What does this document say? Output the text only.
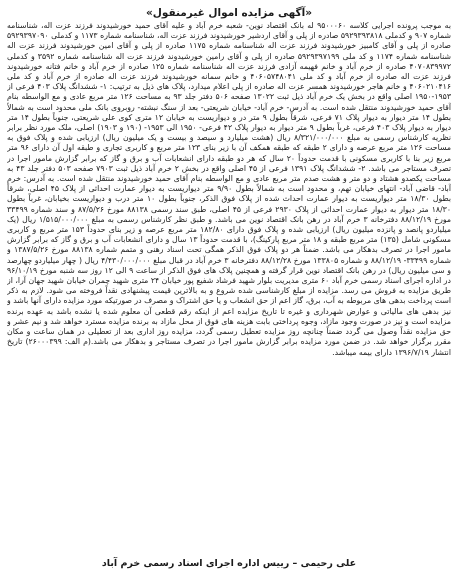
«آگهی مزایده اموال غیرمنقول»
به موجب پرونده اجرایی کلاسه ۹۵۰۰۰۶۰ له بانک اقتصاد نوین- شعبه خرم آباد و علیه آقای حمید خورشیدوند فرزند عزت اله، شناسنامه شماره ۹۰۷ و کدملی ۵۹۲۹۳۹۳۸۱۸ صادره از پلی و آقای اردشیر خورشیدوند فرزند عزت اله، شناسنامه شماره ۱۱۷۳ و کدملی ۵۹۲۹۳۹۷۰۹۰ صادره از پلی و آقای کامبیز خورشیدوند فرزند عزت اله شناسنامه شماره ۱۱۷۵ صادره از پلی و آقای امین خورشیدوند فرزند عزت اله شناسنامه شماره ۱۱۷۴ و کد ملی ۵۹۲۹۳۹۷۱۹۹ صادره از پلی و آقای رامین خورشیدوند فرزند عزت اله شناسنامه شماره ۳۵۹۲ و کدملی ۴۰۷۰۸۳۹۹۷۲ صادره از خرم آباد و خانم فهیمه آزادی فرزند عزت اله شناسنامه شماره ۱۲۵ صادره از خرم آباد و خانم فتانه خورشیدوند فرزند عزت اله صادره از خرم آباد و کد ملی ۴۰۶۰۵۷۴۸۰۴۱ و خانم سمانه خورشیدوند فرزند عزت اله صادره از خرم آباد و کد ملی ۴۰۶۰۲۱۰۴۱۶ و خانم هاجر خورشیدوند همسر عزت اله صادره از پلی اعلام میدارد، پلاک های ذیل به ترتیب: ۱- ششدانگ پلاک ۴۰۳ فرعی از ۱۹۵۳-۱۹۵۰ اصلی واقع در بخش یک خرم آباد ذیل ثبت ۱۳۰۲۲ صفحه ۵۰۶ دفتر جلد ۹۳ به مساحت ۱۲۶ متر مربع عادی و مع الواسطه بنام آقای حمید خورشیدوند منتقل شده است. به آدرس- خرم آباد- خیابان شریعتی- بعد از سنگ نبشته- روبروی بانک ملی محدود است به شمالاً بطول ۱۴ متر دیوار به دیوار پلاک ۷۱ فرعی، شرقاً بطول ۹ متر در و دیواریست به خیابان ۱۲ متری کوی علی شریعتی، جنوباً بطول ۱۴ متر دیوار به دیوار پلاک ۴۰۳ فرعی، غرباً بطول ۹ متر دیوار به دیوار پلاک ۴۲ فرعی- ۱۹۵۰ الی ۱۹۵۳- (۱۹۰ و ۱۹۰۳) اصلی، ملک مورد نظر برابر نظریه کارشناس رسمی به مبلغ ۸/۳۲۱/۰۰۰/۰۰۰ ریال (هشت میلیارد و سیصد و بیست و یک میلیون ریال) ارزیابی شده و پلاک فوق به مساحت ۱۲۶ متر مربع عرصه و دارای ۲ طبقه که طبقه همکف آن با زیر بنای ۱۲۳ متر مربع و کاربری تجاری و طبقه اول آن دارای ۹۶ متر مربع زیر بنا با کاربری مسکونی با قدمت حدوداً ۲۰ سال که هر دو طبقه دارای انشعابات آب و برق و گاز که برابر گزارش مامور اجرا در تصرف مستاجر می باشد. ۲- ششدانگ پلاک ۱۳۹۱ فرعی از ۴۵ اصلی واقع در بخش ۲ خرم آباد ذیل ثبت ۷۹۰۳ صفحه ۵۰۳ دفتر جلد ۴۳ به مساحت یکصدو هشتاد و دو متر و هشت صدم متر مربع عادی و مع الواسطه بنام آقای حمید خورشیدوند منتقل شده است. به آدرس: خرم آباد- قاضی آباد- انتهای خیابان تهم، و محدود است به شمالاً بطول ۹/۹۰ متر دیواریست به دیوار عمارت احداثی از پلاک ۴۵ اصلی، شرقاً بطول ۱۸/۳۰ متر دیواریست به دیوار عمارت احداث شده از پلاک فوق الذکر، جنوباً بطول ۱۰ متر درب و دیواریست بخیابان، غرباً بطول ۱۸/۳۰ متر دیوار به دیوار عمارت احداثی از پلاک ۲۹۳۰ فرعی از ۴۵ اصلی، طبق سند رسمی ۸۸۱۳۸ مورخ ۸۷/۵/۲۶ و سند شماره ۳۳۴۹۹ مورخ ۸۸/۱۲/۱۹ دفترخانه ۳ خرم آباد در رهن بانک اقتصاد نوین می باشد. و طبق نظر کارشناس رسمی به مبلغ ۱/۵۱۵/۰۰۰/۰۰۰ ریال (یک میلیاردو پانصد و پانزده میلیون ریال) ارزیابی شده و پلاک فوق دارای ۱۸۲/۸۰ متر مربع عرصه و زیر بنای حدوداً ۱۵۳ متر مربع و کاربری مسکونی شامل (۱۳۵) متر مربع طبقه و ۱۸ متر مربع پارکینگ)، با قدمت حدوداً ۱۳ سال و دارای انشعابات آب و برق و گاز که برابر گزارش مامور اجرا در تصرف بدهکار می باشد. ضمناً هر دو پلاک فوق الذکر همگی تحت اسناد رهنی و متمم شماره ۸۸۱۳۸ مورخ ۱۳۸۷/۵/۲۶ و شماره ۳۳۴۹۹- ۸۸/۱۲/۱۹ و شماره ۱۳۳۸۰۵ مورخ ۸۸/۱۲/۲۸ دفترخانه ۳ خرم آباد در قبال مبلغ ۴/۴۳۰/۰۰۰/۰۰۰ ریال ( چهار میلیاردو چهارصد و سی میلیون ریال) در رهن بانک اقتصاد نوین قرار گرفته و همچنین پلاک های فوق الذکر از ساعت ۹ الی ۱۲ روز سه شنبه مورخ ۹۶/۱۰/۱۹ در اداره اجرای اسناد رسمی خرم آباد ۶۰ متری مدیریت بلوار شهید فرشاد شفیع پور خیابان ۲۴ متری شهید چمران خیابان شهید جهان آرا، از طریق مزایده به فروش می رسد. مزایده از مبلغ کارشناسی شده شروع و به بالاترین قیمت پیشنهادی نقداً فروخته می شود. لازم به ذکر است پرداخت بدهی های مربوطه به آب، برق، گاز اعم از حق انشعاب و یا حق اشتراک و مصرف در صورتیکه مورد مزایده دارای آنها باشد و نیز بدهی های مالیاتی و عوارض شهرداری و غیره تا تاریخ مزایده اعم از اینکه رقم قطعی آن معلوم شده یا نشده باشد به عهده برنده مزایده است و نیز در صورت وجود مازاد، وجوه پرداختی بابت هزینه های فوق از محل مازاد به برنده مزایده مسترد خواهد شد و نیم عشر و حق مزایده نقداً وصول می گردد ضمناً چنانچه روز مزایده تعطیل رسمی گردد، مزایده روز اداری بعد از تعطیلی در همان ساعت و مکان مقرر برگزار خواهد شد. در ضمن مورد مزایده برابر گزارش مامور اجرا در تصرف مستاجر و بدهکار می باشد.(م الف: ۲۶۰۰۰۳۹۹) تاریخ انتشار ۱۳۹۶/۷/۱۹ دارای بیمه میباشد.
علی رحیمی – رییس اداره اجرای اسناد رسمی خرم آباد
